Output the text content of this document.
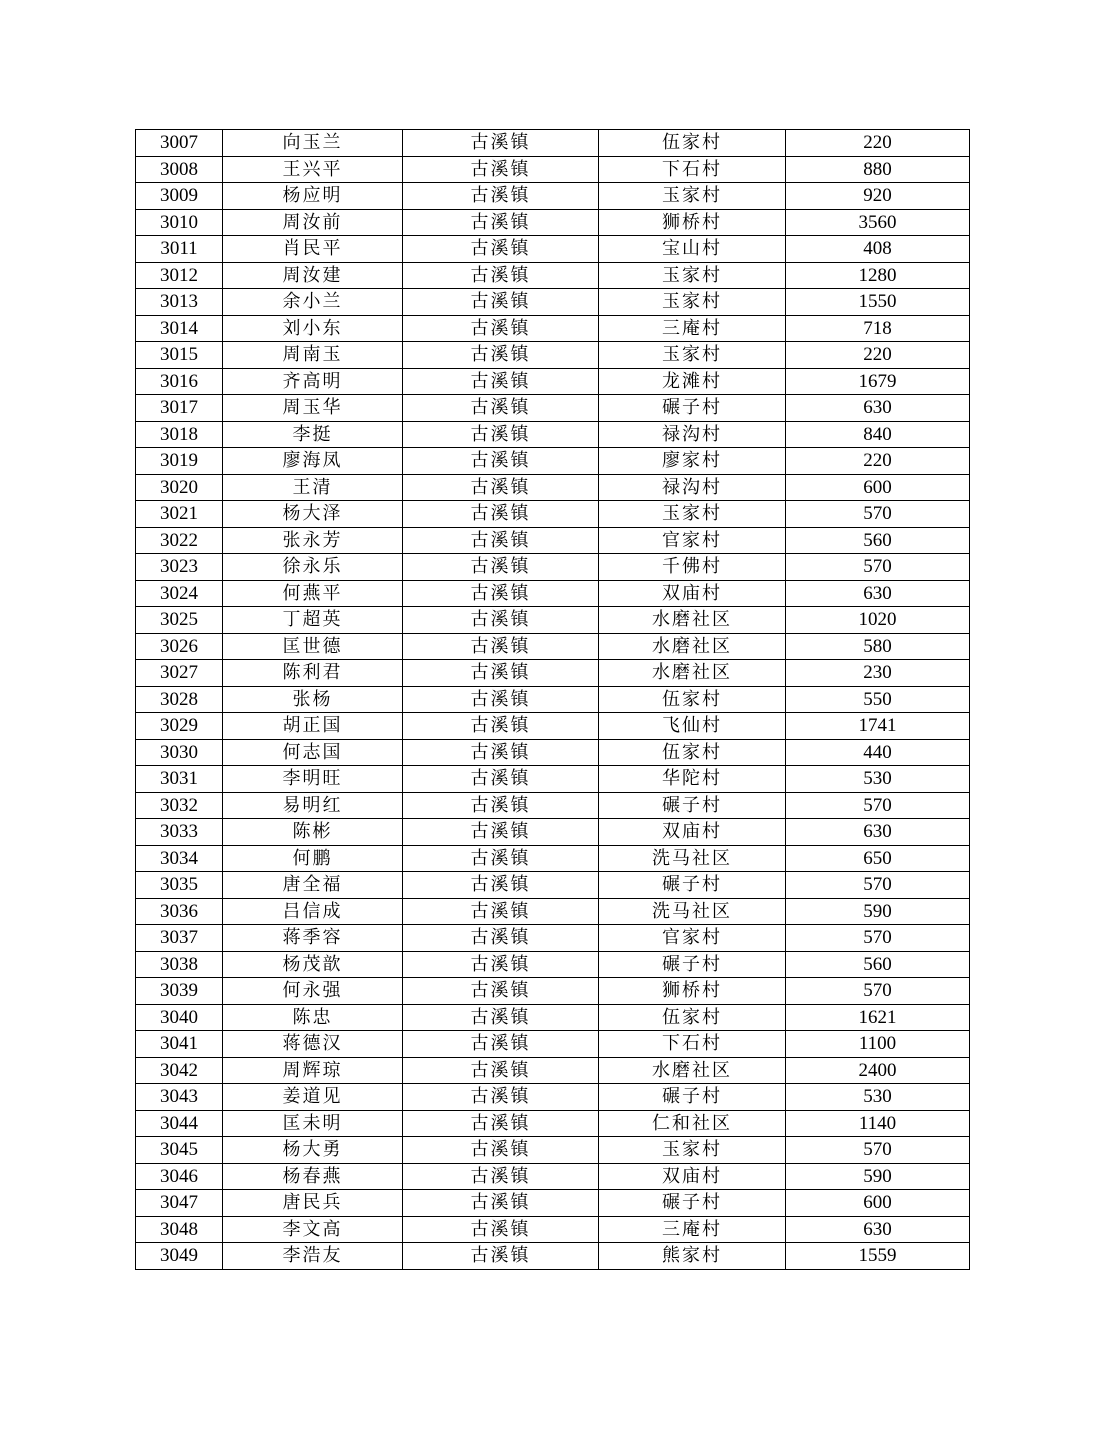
3007	向玉兰	古溪镇	伍家村	220
3008	王兴平	古溪镇	下石村	880
3009	杨应明	古溪镇	玉家村	920
3010	周汝前	古溪镇	狮桥村	3560
3011	肖民平	古溪镇	宝山村	408
3012	周汝建	古溪镇	玉家村	1280
3013	余小兰	古溪镇	玉家村	1550
3014	刘小东	古溪镇	三庵村	718
3015	周南玉	古溪镇	玉家村	220
3016	齐高明	古溪镇	龙滩村	1679
3017	周玉华	古溪镇	碾子村	630
3018	李挺	古溪镇	禄沟村	840
3019	廖海凤	古溪镇	廖家村	220
3020	王清	古溪镇	禄沟村	600
3021	杨大泽	古溪镇	玉家村	570
3022	张永芳	古溪镇	官家村	560
3023	徐永乐	古溪镇	千佛村	570
3024	何燕平	古溪镇	双庙村	630
3025	丁超英	古溪镇	水磨社区	1020
3026	匡世德	古溪镇	水磨社区	580
3027	陈利君	古溪镇	水磨社区	230
3028	张杨	古溪镇	伍家村	550
3029	胡正国	古溪镇	飞仙村	1741
3030	何志国	古溪镇	伍家村	440
3031	李明旺	古溪镇	华陀村	530
3032	易明红	古溪镇	碾子村	570
3033	陈彬	古溪镇	双庙村	630
3034	何鹏	古溪镇	洗马社区	650
3035	唐全福	古溪镇	碾子村	570
3036	吕信成	古溪镇	洗马社区	590
3037	蒋季容	古溪镇	官家村	570
3038	杨茂歆	古溪镇	碾子村	560
3039	何永强	古溪镇	狮桥村	570
3040	陈忠	古溪镇	伍家村	1621
3041	蒋德汉	古溪镇	下石村	1100
3042	周辉琼	古溪镇	水磨社区	2400
3043	姜道见	古溪镇	碾子村	530
3044	匡未明	古溪镇	仁和社区	1140
3045	杨大勇	古溪镇	玉家村	570
3046	杨春燕	古溪镇	双庙村	590
3047	唐民兵	古溪镇	碾子村	600
3048	李文高	古溪镇	三庵村	630
3049	李浩友	古溪镇	熊家村	1559
